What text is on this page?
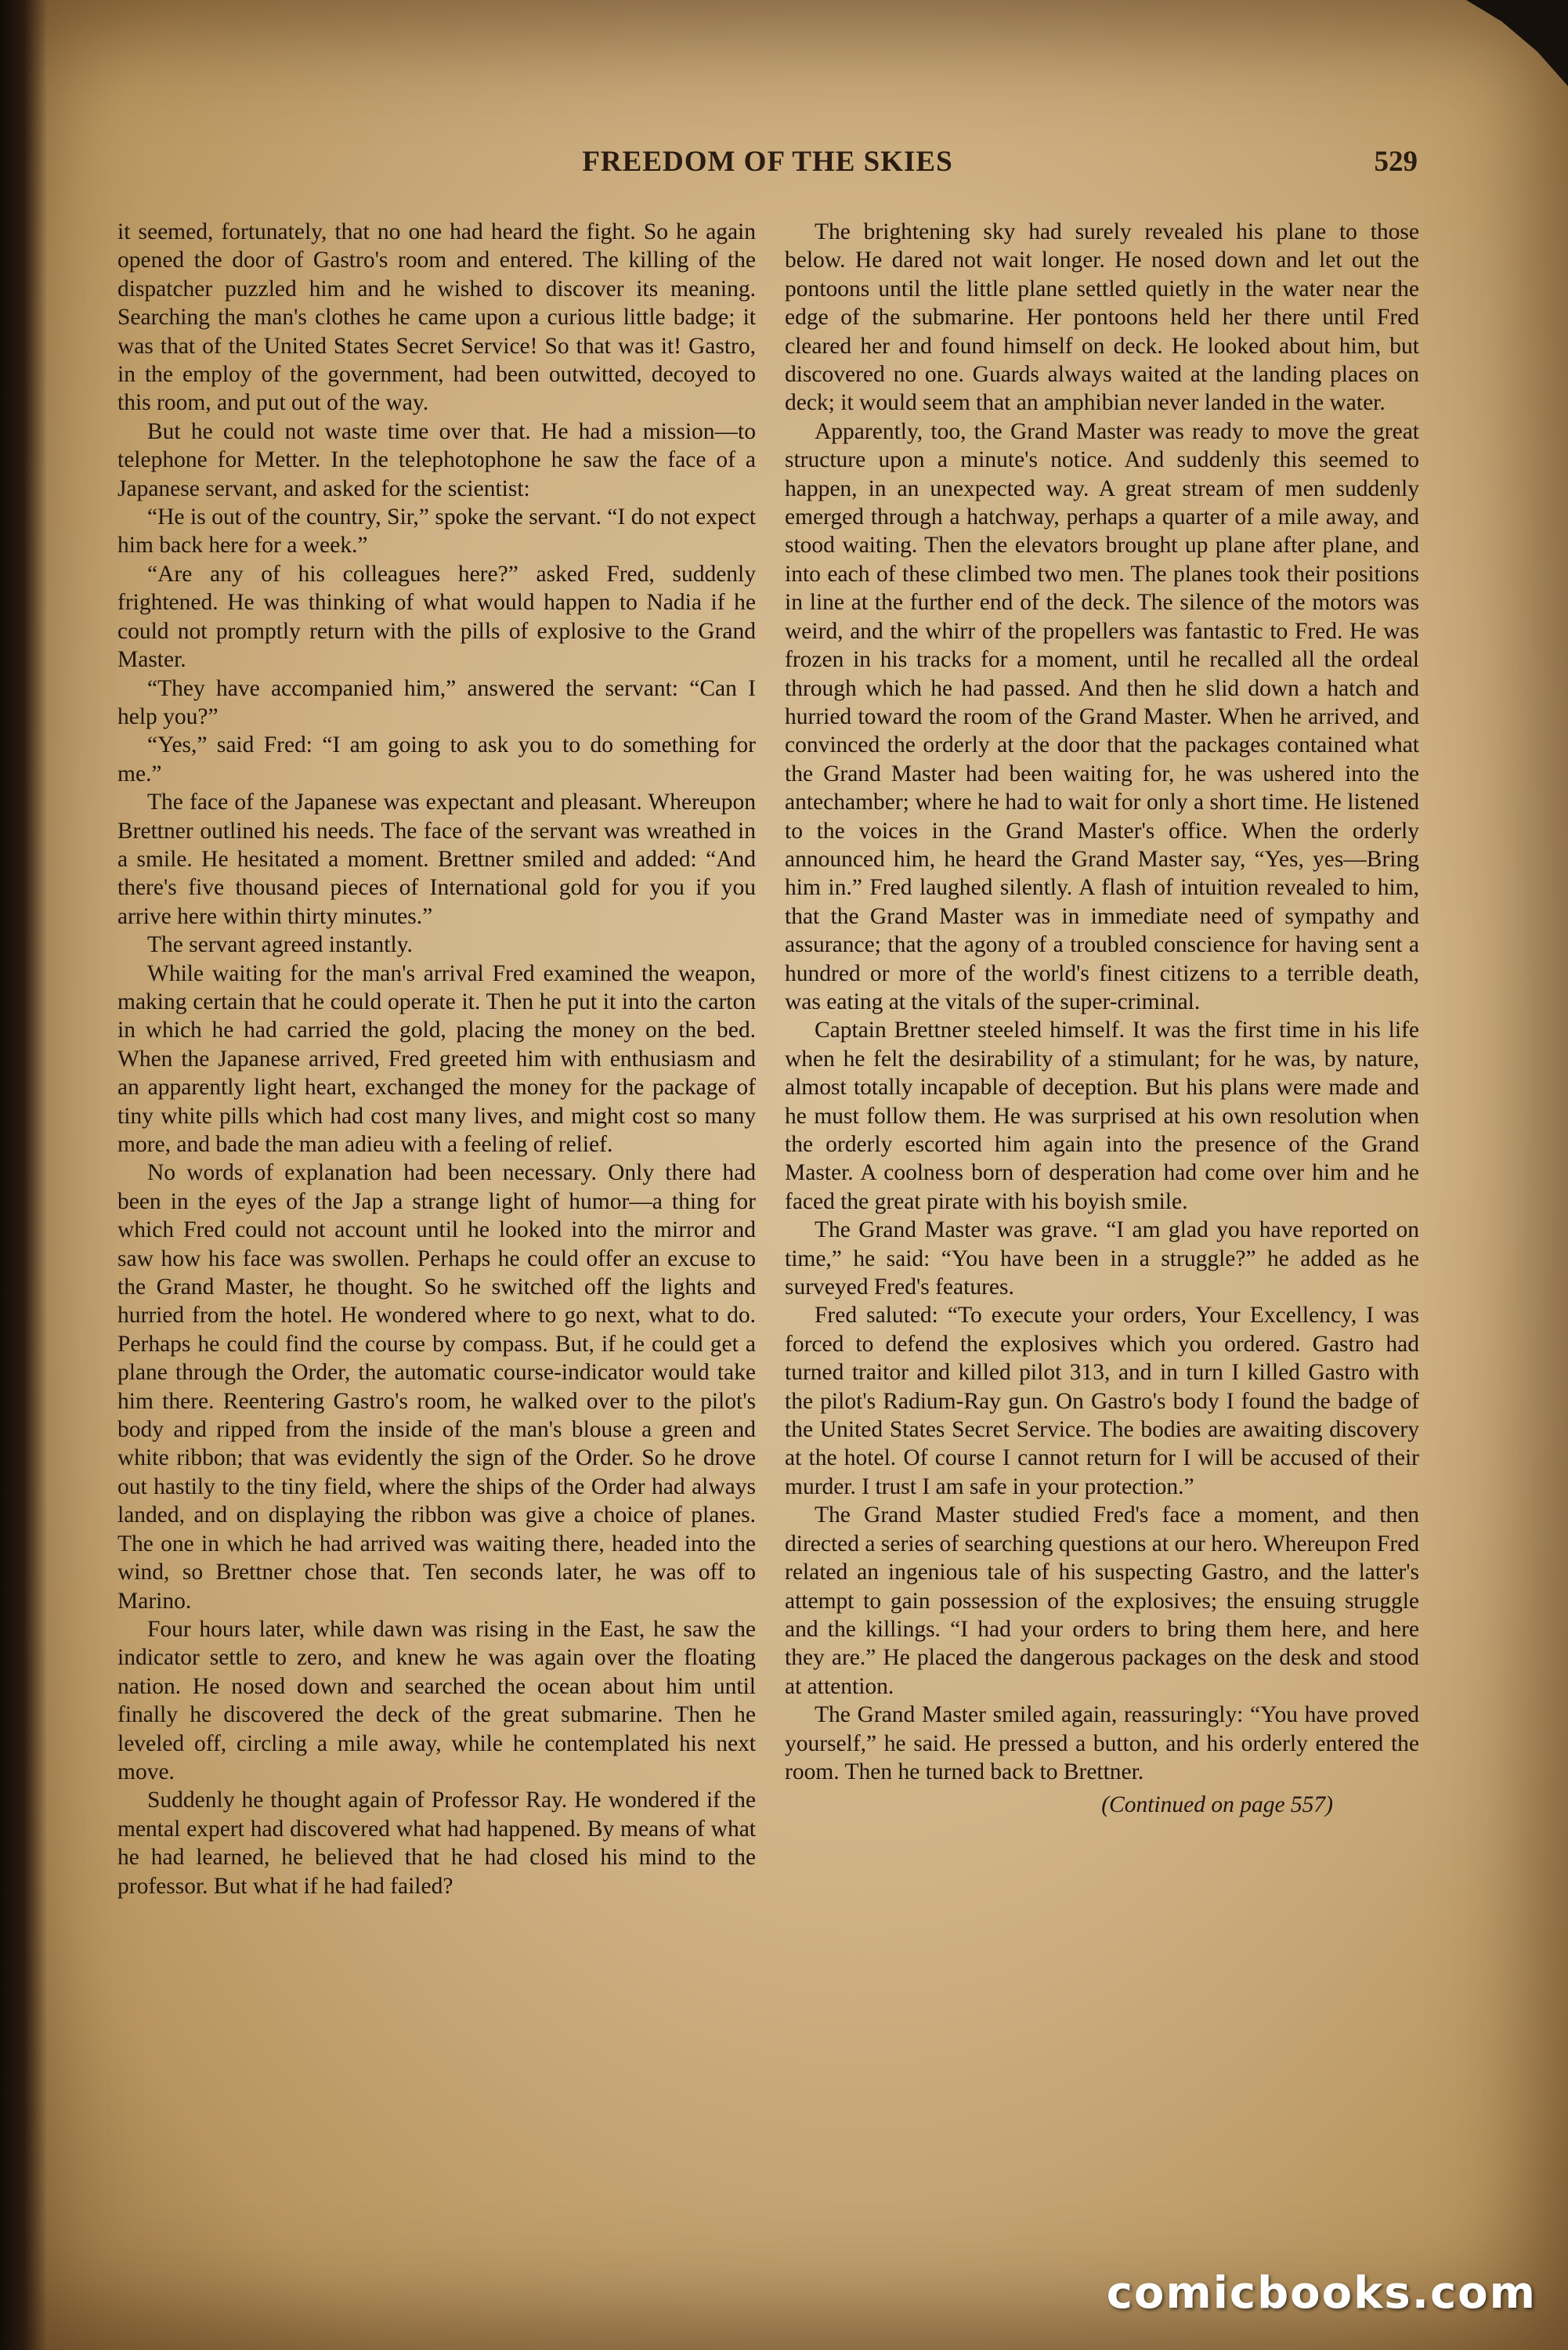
FREEDOM OF THE SKIES	529

it seemed, fortunately, that no one had heard the fight. So he again opened the door of Gastro's room and entered. The killing of the dispatcher puzzled him and he wished to discover its meaning. Searching the man's clothes he came upon a curious little badge; it was that of the United States Secret Service! So that was it! Gastro, in the employ of the government, had been outwitted, decoyed to this room, and put out of the way.

But he could not waste time over that. He had a mission—to telephone for Metter. In the telephotophone he saw the face of a Japanese servant, and asked for the scientist:

“He is out of the country, Sir,” spoke the servant. “I do not expect him back here for a week.”

“Are any of his colleagues here?” asked Fred, suddenly frightened. He was thinking of what would happen to Nadia if he could not promptly return with the pills of explosive to the Grand Master.

“They have accompanied him,” answered the servant: “Can I help you?”

“Yes,” said Fred: “I am going to ask you to do something for me.”

The face of the Japanese was expectant and pleasant. Whereupon Brettner outlined his needs. The face of the servant was wreathed in a smile. He hesitated a moment. Brettner smiled and added: “And there's five thousand pieces of International gold for you if you arrive here within thirty minutes.”

The servant agreed instantly.

While waiting for the man's arrival Fred examined the weapon, making certain that he could operate it. Then he put it into the carton in which he had carried the gold, placing the money on the bed. When the Japanese arrived, Fred greeted him with enthusiasm and an apparently light heart, exchanged the money for the package of tiny white pills which had cost many lives, and might cost so many more, and bade the man adieu with a feeling of relief.

No words of explanation had been necessary. Only there had been in the eyes of the Jap a strange light of humor—a thing for which Fred could not account until he looked into the mirror and saw how his face was swollen. Perhaps he could offer an excuse to the Grand Master, he thought. So he switched off the lights and hurried from the hotel. He wondered where to go next, what to do. Perhaps he could find the course by compass. But, if he could get a plane through the Order, the automatic course-indicator would take him there. Reentering Gastro's room, he walked over to the pilot's body and ripped from the inside of the man's blouse a green and white ribbon; that was evidently the sign of the Order. So he drove out hastily to the tiny field, where the ships of the Order had always landed, and on displaying the ribbon was give a choice of planes. The one in which he had arrived was waiting there, headed into the wind, so Brettner chose that. Ten seconds later, he was off to Marino.

Four hours later, while dawn was rising in the East, he saw the indicator settle to zero, and knew he was again over the floating nation. He nosed down and searched the ocean about him until finally he discovered the deck of the great submarine. Then he leveled off, circling a mile away, while he contemplated his next move.

Suddenly he thought again of Professor Ray. He wondered if the mental expert had discovered what had happened. By means of what he had learned, he believed that he had closed his mind to the professor. But what if he had failed?

The brightening sky had surely revealed his plane to those below. He dared not wait longer. He nosed down and let out the pontoons until the little plane settled quietly in the water near the edge of the submarine. Her pontoons held her there until Fred cleared her and found himself on deck. He looked about him, but discovered no one. Guards always waited at the landing places on deck; it would seem that an amphibian never landed in the water.

Apparently, too, the Grand Master was ready to move the great structure upon a minute's notice. And suddenly this seemed to happen, in an unexpected way. A great stream of men suddenly emerged through a hatchway, perhaps a quarter of a mile away, and stood waiting. Then the elevators brought up plane after plane, and into each of these climbed two men. The planes took their positions in line at the further end of the deck. The silence of the motors was weird, and the whirr of the propellers was fantastic to Fred. He was frozen in his tracks for a moment, until he recalled all the ordeal through which he had passed. And then he slid down a hatch and hurried toward the room of the Grand Master. When he arrived, and convinced the orderly at the door that the packages contained what the Grand Master had been waiting for, he was ushered into the antechamber; where he had to wait for only a short time. He listened to the voices in the Grand Master's office. When the orderly announced him, he heard the Grand Master say, “Yes, yes—Bring him in.” Fred laughed silently. A flash of intuition revealed to him, that the Grand Master was in immediate need of sympathy and assurance; that the agony of a troubled conscience for having sent a hundred or more of the world's finest citizens to a terrible death, was eating at the vitals of the super-criminal.

Captain Brettner steeled himself. It was the first time in his life when he felt the desirability of a stimulant; for he was, by nature, almost totally incapable of deception. But his plans were made and he must follow them. He was surprised at his own resolution when the orderly escorted him again into the presence of the Grand Master. A coolness born of desperation had come over him and he faced the great pirate with his boyish smile.

The Grand Master was grave. “I am glad you have reported on time,” he said: “You have been in a struggle?” he added as he surveyed Fred's features.

Fred saluted: “To execute your orders, Your Excellency, I was forced to defend the explosives which you ordered. Gastro had turned traitor and killed pilot 313, and in turn I killed Gastro with the pilot's Radium-Ray gun. On Gastro's body I found the badge of the United States Secret Service. The bodies are awaiting discovery at the hotel. Of course I cannot return for I will be accused of their murder. I trust I am safe in your protection.”

The Grand Master studied Fred's face a moment, and then directed a series of searching questions at our hero. Whereupon Fred related an ingenious tale of his suspecting Gastro, and the latter's attempt to gain possession of the explosives; the ensuing struggle and the killings. “I had your orders to bring them here, and here they are.” He placed the dangerous packages on the desk and stood at attention.

The Grand Master smiled again, reassuringly: “You have proved yourself,” he said. He pressed a button, and his orderly entered the room. Then he turned back to Brettner.

(Continued on page 557)

comicbooks.com
